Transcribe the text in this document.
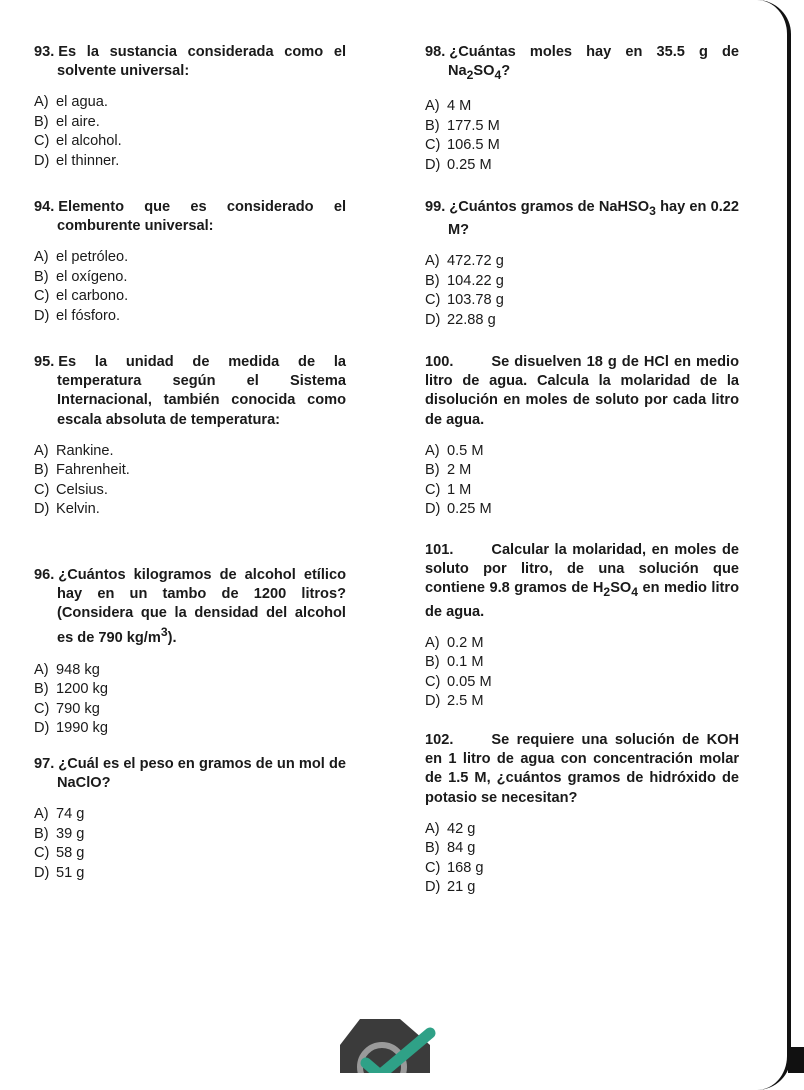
93. Es la sustancia considerada como el solvente universal:
A) el agua.
B) el aire.
C) el alcohol.
D) el thinner.
94. Elemento que es considerado el comburente universal:
A) el petróleo.
B) el oxígeno.
C) el carbono.
D) el fósforo.
95. Es la unidad de medida de la temperatura según el Sistema Internacional, también conocida como escala absoluta de temperatura:
A) Rankine.
B) Fahrenheit.
C) Celsius.
D) Kelvin.
96. ¿Cuántos kilogramos de alcohol etílico hay en un tambo de 1200 litros? (Considera que la densidad del alcohol es de 790 $kg/m^3$).
A) 948 kg
B) 1200 kg
C) 790 kg
D) 1990 kg
97. ¿Cuál es el peso en gramos de un mol de NaClO?
A) 74 g
B) 39 g
C) 58 g
D) 51 g
98. ¿Cuántas moles hay en 35.5 g de $Na_2SO_4$?
A) 4 M
B) 177.5 M
C) 106.5 M
D) 0.25 M
99. ¿Cuántos gramos de NaHSO$_3$ hay en 0.22 M?
A) 472.72 g
B) 104.22 g
C) 103.78 g
D) 22.88 g
100.	Se disuelven 18 g de HCl en medio litro de agua. Calcula la molaridad de la disolución en moles de soluto por cada litro de agua.
A) 0.5 M
B) 2 M
C) 1 M
D) 0.25 M
101.	Calcular la molaridad, en moles de soluto por litro, de una solución que contiene 9.8 gramos de $H_2SO_4$ en medio litro de agua.
A) 0.2 M
B) 0.1 M
C) 0.05 M
D) 2.5 M
102.	Se requiere una solución de KOH en 1 litro de agua con concentración molar de 1.5 M, ¿cuántos gramos de hidróxido de potasio se necesitan?
A) 42 g
B) 84 g
C) 168 g
D) 21 g
